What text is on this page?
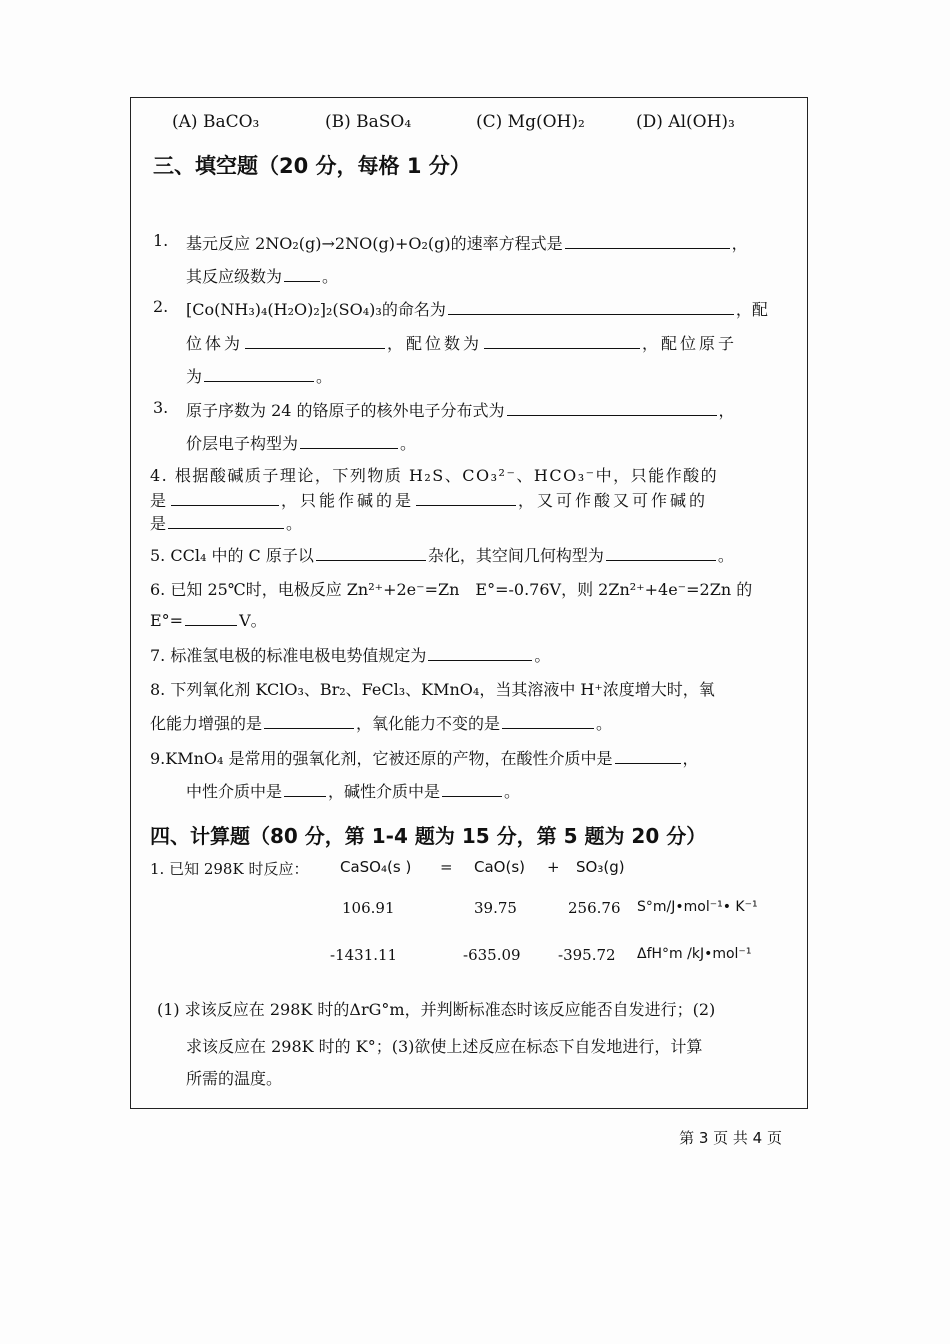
(A) BaCO₃	(B) BaSO₄	(C) Mg(OH)₂	(D) Al(OH)₃
三、填空题（20 分，每格 1 分）
1. 基元反应 2NO₂(g)→2NO(g)+O₂(g)的速率方程式是	，
其反应级数为	。
2. [Co(NH₃)₄(H₂O)₂]₂(SO₄)₃的命名为	，配
位体为	，配位数为	，配位原子
为	。
3. 原子序数为 24 的铬原子的核外电子分布式为	，
价层电子构型为	。
4. 根据酸碱质子理论，下列物质 H₂S、CO₃²⁻、HCO₃⁻中，只能作酸的
是	，只能作碱的是	，又可作酸又可作碱的
是	。
5. CCl₄ 中的 C 原子以	杂化，其空间几何构型为	。
6. 已知 25℃时，电极反应 Zn²⁺+2e⁻=Zn　E°=-0.76V，则 2Zn²⁺+4e⁻=2Zn 的
E°=	V。
7. 标准氢电极的标准电极电势值规定为	。
8. 下列氧化剂 KClO₃、Br₂、FeCl₃、KMnO₄，当其溶液中 H⁺浓度增大时，氧
化能力增强的是	，氧化能力不变的是	。
9.KMnO₄ 是常用的强氧化剂，它被还原的产物，在酸性介质中是	，
中性介质中是	，碱性介质中是	。
四、计算题（80 分，第 1-4 题为 15 分，第 5 题为 20 分）
1. 已知 298K 时反应： CaSO₄(s ) = CaO(s) + SO₃(g)
106.91	39.75	256.76 S°m/J•mol⁻¹• K⁻¹
-1431.11	-635.09 -395.72 ΔfH°m /kJ•mol⁻¹
(1) 求该反应在 298K 时的ΔrG°m，并判断标准态时该反应能否自发进行；(2)
求该反应在 298K 时的 K°；(3)欲使上述反应在标态下自发地进行，计算
所需的温度。
第 3 页 共 4 页
